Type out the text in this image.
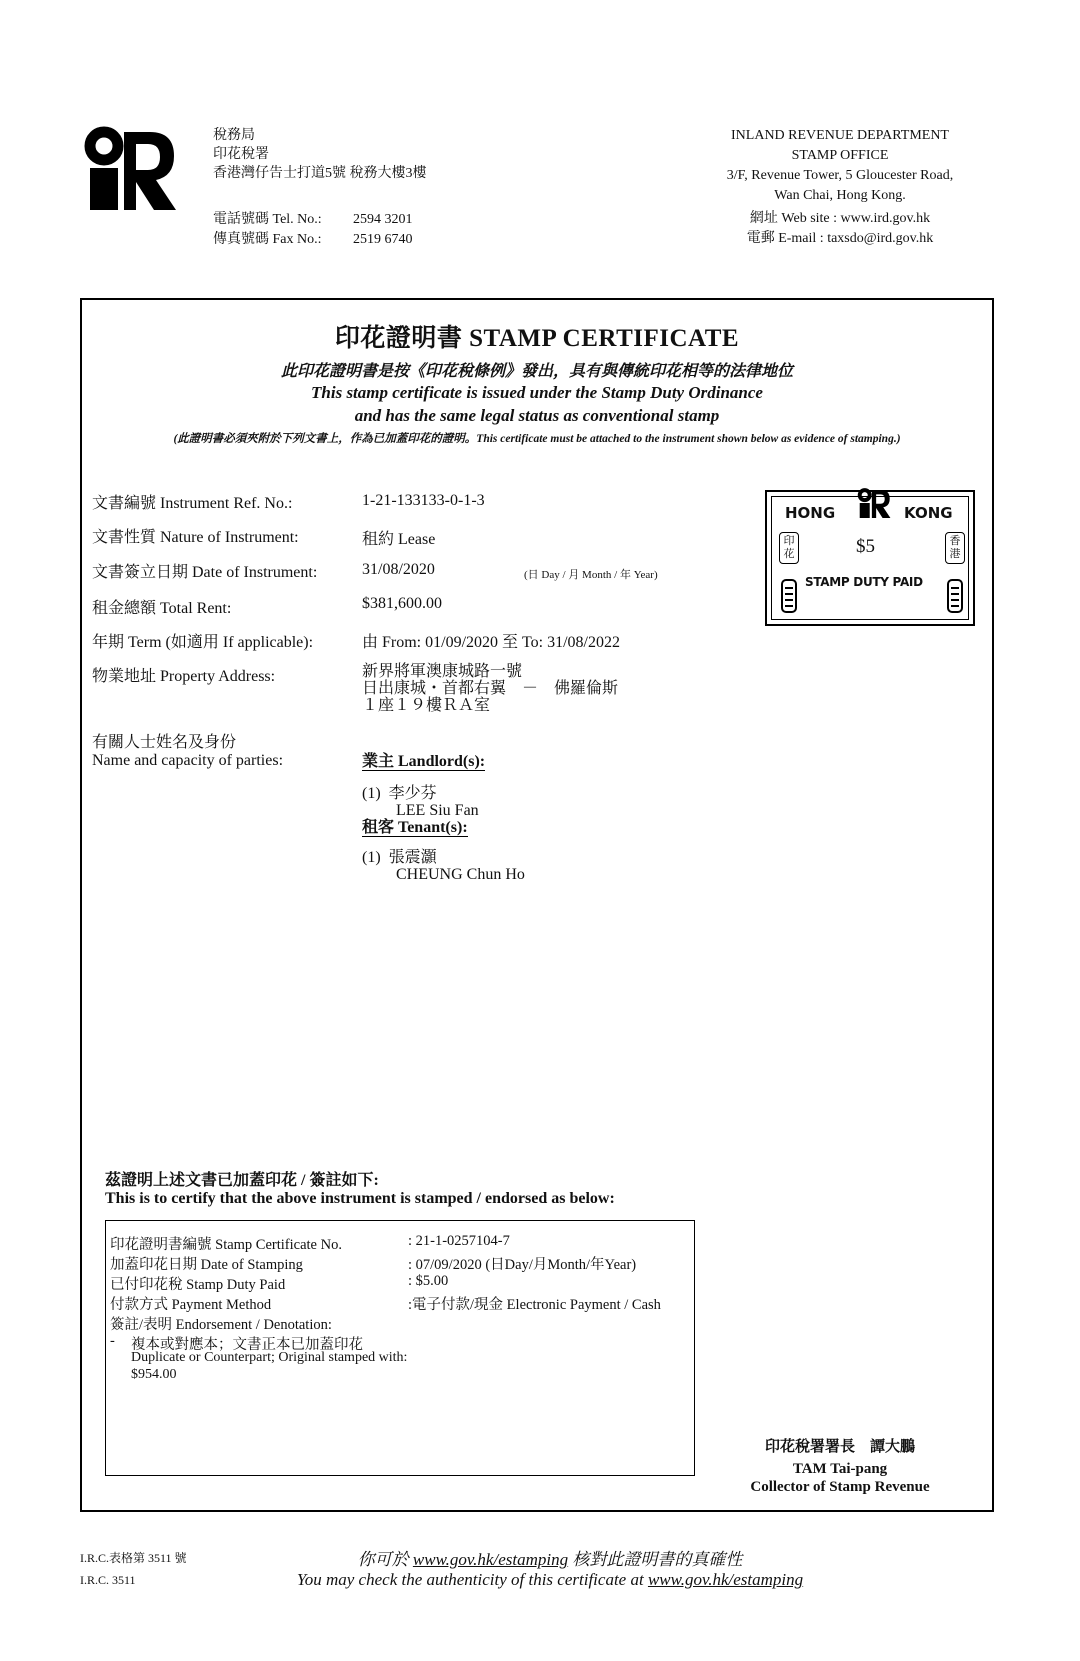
稅務局
印花稅署
香港灣仔告士打道5號 稅務大樓3樓
電話號碼 Tel. No.: 2594 3201
傳真號碼 Fax No.: 2519 6740
INLAND REVENUE DEPARTMENT
STAMP OFFICE
3/F, Revenue Tower, 5 Gloucester Road,
Wan Chai, Hong Kong.
網址 Web site : www.ird.gov.hk
電郵 E-mail : taxsdo@ird.gov.hk
印花證明書 STAMP CERTIFICATE
此印花證明書是按《印花稅條例》發出，具有與傳統印花相等的法律地位
This stamp certificate is issued under the Stamp Duty Ordinance
and has the same legal status as conventional stamp
(此證明書必須夾附於下列文書上，作為已加蓋印花的證明。This certificate must be attached to the instrument shown below as evidence of stamping.)
文書編號 Instrument Ref. No.:	1-21-133133-0-1-3
文書性質 Nature of Instrument:	租約 Lease
文書簽立日期 Date of Instrument:	31/08/2020	(日 Day / 月 Month / 年 Year)
租金總額 Total Rent:	$381,600.00
年期 Term (如適用 If applicable):	由 From: 01/09/2020 至 To: 31/08/2022
物業地址 Property Address:	新界將軍澳康城路一號
日出康城・首都右翼　－　佛羅倫斯
１座１９樓ＲＡ室
有關人士姓名及身份
Name and capacity of parties:	業主 Landlord(s):
(1) 李少芬
LEE Siu Fan
租客 Tenant(s):
(1) 張震灝
CHEUNG Chun Ho
HONG	KONG
$5
印花
香港
STAMP DUTY PAID
茲證明上述文書已加蓋印花 / 簽註如下:
This is to certify that the above instrument is stamped / endorsed as below:
印花證明書編號 Stamp Certificate No.	: 21-1-0257104-7
加蓋印花日期 Date of Stamping	: 07/09/2020 (日Day/月Month/年Year)
已付印花稅 Stamp Duty Paid	: $5.00
付款方式 Payment Method	:電子付款/現金 Electronic Payment / Cash
簽註/表明 Endorsement / Denotation:
- 複本或對應本；文書正本已加蓋印花
Duplicate or Counterpart; Original stamped with:
$954.00
印花稅署署長　譚大鵬
TAM Tai-pang
Collector of Stamp Revenue
I.R.C.表格第 3511 號
I.R.C. 3511
你可於 www.gov.hk/estamping 核對此證明書的真確性
You may check the authenticity of this certificate at www.gov.hk/estamping
